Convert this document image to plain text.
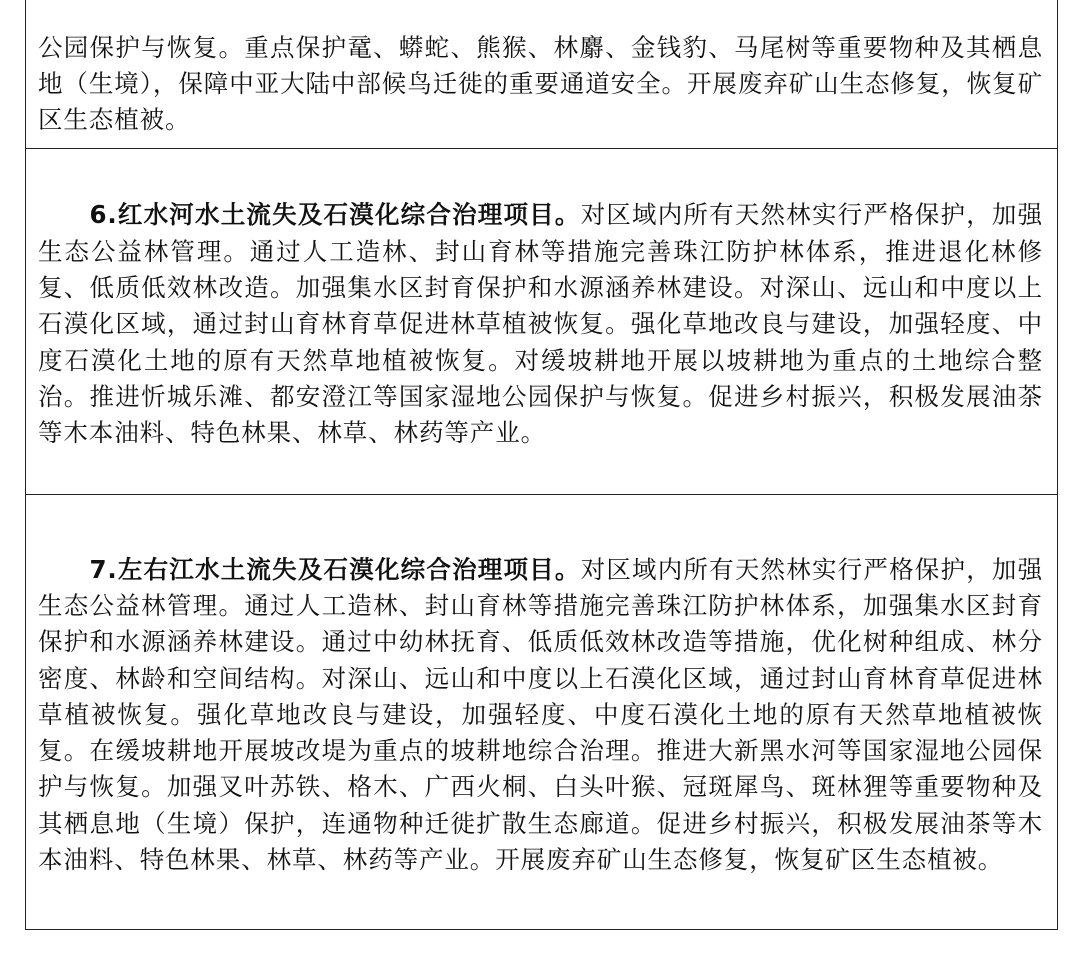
公园保护与恢复。重点保护鼋、蟒蛇、熊猴、林麝、金钱豹、马尾树等重要物种及其栖息地（生境），保障中亚大陆中部候鸟迁徙的重要通道安全。开展废弃矿山生态修复，恢复矿区生态植被。

6.红水河水土流失及石漠化综合治理项目。对区域内所有天然林实行严格保护，加强生态公益林管理。通过人工造林、封山育林等措施完善珠江防护林体系，推进退化林修复、低质低效林改造。加强集水区封育保护和水源涵养林建设。对深山、远山和中度以上石漠化区域，通过封山育林育草促进林草植被恢复。强化草地改良与建设，加强轻度、中度石漠化土地的原有天然草地植被恢复。对缓坡耕地开展以坡耕地为重点的土地综合整治。推进忻城乐滩、都安澄江等国家湿地公园保护与恢复。促进乡村振兴，积极发展油茶等木本油料、特色林果、林草、林药等产业。

7.左右江水土流失及石漠化综合治理项目。对区域内所有天然林实行严格保护，加强生态公益林管理。通过人工造林、封山育林等措施完善珠江防护林体系，加强集水区封育保护和水源涵养林建设。通过中幼林抚育、低质低效林改造等措施，优化树种组成、林分密度、林龄和空间结构。对深山、远山和中度以上石漠化区域，通过封山育林育草促进林草植被恢复。强化草地改良与建设，加强轻度、中度石漠化土地的原有天然草地植被恢复。在缓坡耕地开展坡改堤为重点的坡耕地综合治理。推进大新黑水河等国家湿地公园保护与恢复。加强叉叶苏铁、格木、广西火桐、白头叶猴、冠斑犀鸟、斑林狸等重要物种及其栖息地（生境）保护，连通物种迁徙扩散生态廊道。促进乡村振兴，积极发展油茶等木本油料、特色林果、林草、林药等产业。开展废弃矿山生态修复，恢复矿区生态植被。
